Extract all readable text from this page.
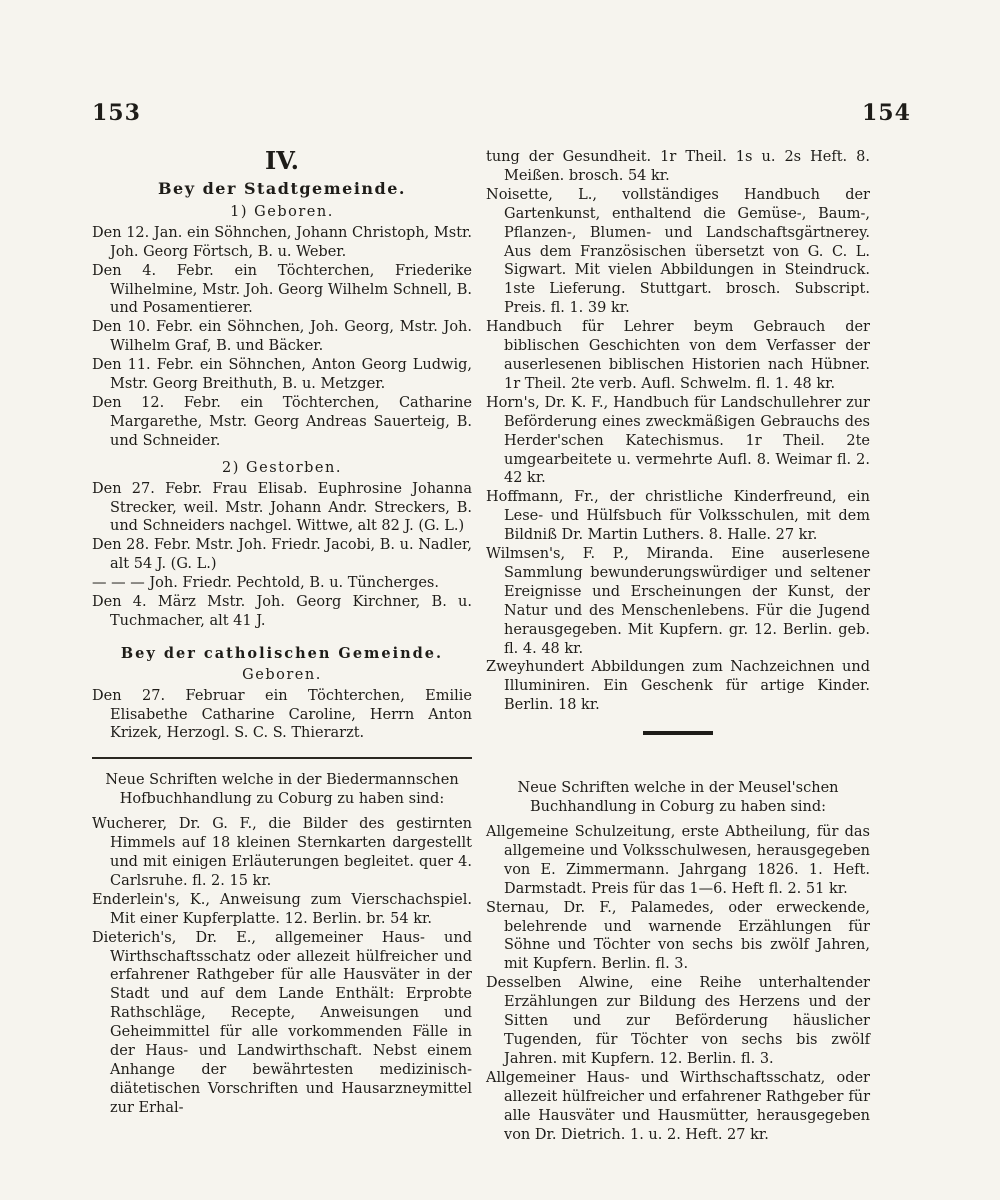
153	154
IV.
Bey der Stadtgemeinde.
1) Geboren.

Den 12. Jan. ein Söhnchen, Johann Christoph, Mstr. Joh. Georg Förtsch, B. u. Weber.

Den 4. Febr. ein Töchterchen, Friederike Wilhelmine, Mstr. Joh. Georg Wilhelm Schnell, B. und Posamentierer.

Den 10. Febr. ein Söhnchen, Joh. Georg, Mstr. Joh. Wilhelm Graf, B. und Bäcker.

Den 11. Febr. ein Söhnchen, Anton Georg Ludwig, Mstr. Georg Breithuth, B. u. Metzger.

Den 12. Febr. ein Töchterchen, Catharine Margarethe, Mstr. Georg Andreas Sauerteig, B. und Schneider.

2) Gestorben.

Den 27. Febr. Frau Elisab. Euphrosine Johanna Strecker, weil. Mstr. Johann Andr. Streckers, B. und Schneiders nachgel. Wittwe, alt 82 J. (G. L.)

Den 28. Febr. Mstr. Joh. Friedr. Jacobi, B. u. Nadler, alt 54 J. (G. L.)

— — — Joh. Friedr. Pechtold, B. u. Tüncherges.

Den 4. März Mstr. Joh. Georg Kirchner, B. u. Tuchmacher, alt 41 J.

Bey der catholischen Gemeinde.
Geboren.

Den 27. Februar ein Töchterchen, Emilie Elisabethe Catharine Caroline, Herrn Anton Krizek, Herzogl. S. C. S. Thierarzt.

Neue Schriften welche in der Biedermannschen Hofbuchhandlung zu Coburg zu haben sind:

Wucherer, Dr. G. F., die Bilder des gestirnten Himmels auf 18 kleinen Sternkarten dargestellt und mit einigen Erläuterungen begleitet. quer 4. Carlsruhe. fl. 2. 15 kr.

Enderlein's, K., Anweisung zum Vierschachspiel. Mit einer Kupferplatte. 12. Berlin. br. 54 kr.

Dieterich's, Dr. E., allgemeiner Haus- und Wirthschaftsschatz oder allezeit hülfreicher und erfahrener Rathgeber für alle Hausväter in der Stadt und auf dem Lande Enthält: Erprobte Rathschläge, Recepte, Anweisungen und Geheimmittel für alle vorkommenden Fälle in der Haus- und Landwirthschaft. Nebst einem Anhange der bewährtesten medizinisch-diätetischen Vorschriften und Hausarzneymittel zur Erhal-

tung der Gesundheit. 1r Theil. 1s u. 2s Heft. 8. Meißen. brosch. 54 kr.

Noisette, L., vollständiges Handbuch der Gartenkunst, enthaltend die Gemüse-, Baum-, Pflanzen-, Blumen- und Landschaftsgärtnerey. Aus dem Französischen übersetzt von G. C. L. Sigwart. Mit vielen Abbildungen in Steindruck. 1ste Lieferung. Stuttgart. brosch. Subscript. Preis. fl. 1. 39 kr.

Handbuch für Lehrer beym Gebrauch der biblischen Geschichten von dem Verfasser der auserlesenen biblischen Historien nach Hübner. 1r Theil. 2te verb. Aufl. Schwelm. fl. 1. 48 kr.

Horn's, Dr. K. F., Handbuch für Landschullehrer zur Beförderung eines zweckmäßigen Gebrauchs des Herder'schen Katechismus. 1r Theil. 2te umgearbeitete u. vermehrte Aufl. 8. Weimar fl. 2. 42 kr.

Hoffmann, Fr., der christliche Kinderfreund, ein Lese- und Hülfsbuch für Volksschulen, mit dem Bildniß Dr. Martin Luthers. 8. Halle. 27 kr.

Wilmsen's, F. P., Miranda. Eine auserlesene Sammlung bewunderungswürdiger und seltener Ereignisse und Erscheinungen der Kunst, der Natur und des Menschenlebens. Für die Jugend herausgegeben. Mit Kupfern. gr. 12. Berlin. geb. fl. 4. 48 kr.

Zweyhundert Abbildungen zum Nachzeichnen und Illuminiren. Ein Geschenk für artige Kinder. Berlin. 18 kr.

Neue Schriften welche in der Meusel'schen Buchhandlung in Coburg zu haben sind:

Allgemeine Schulzeitung, erste Abtheilung, für das allgemeine und Volksschulwesen, herausgegeben von E. Zimmermann. Jahrgang 1826. 1. Heft. Darmstadt. Preis für das 1—6. Heft fl. 2. 51 kr.

Sternau, Dr. F., Palamedes, oder erweckende, belehrende und warnende Erzählungen für Söhne und Töchter von sechs bis zwölf Jahren, mit Kupfern. Berlin. fl. 3.

Desselben Alwine, eine Reihe unterhaltender Erzählungen zur Bildung des Herzens und der Sitten und zur Beförderung häuslicher Tugenden, für Töchter von sechs bis zwölf Jahren. mit Kupfern. 12. Berlin. fl. 3.

Allgemeiner Haus- und Wirthschaftsschatz, oder allezeit hülfreicher und erfahrener Rathgeber für alle Hausväter und Hausmütter, herausgegeben von Dr. Dietrich. 1. u. 2. Heft. 27 kr.
